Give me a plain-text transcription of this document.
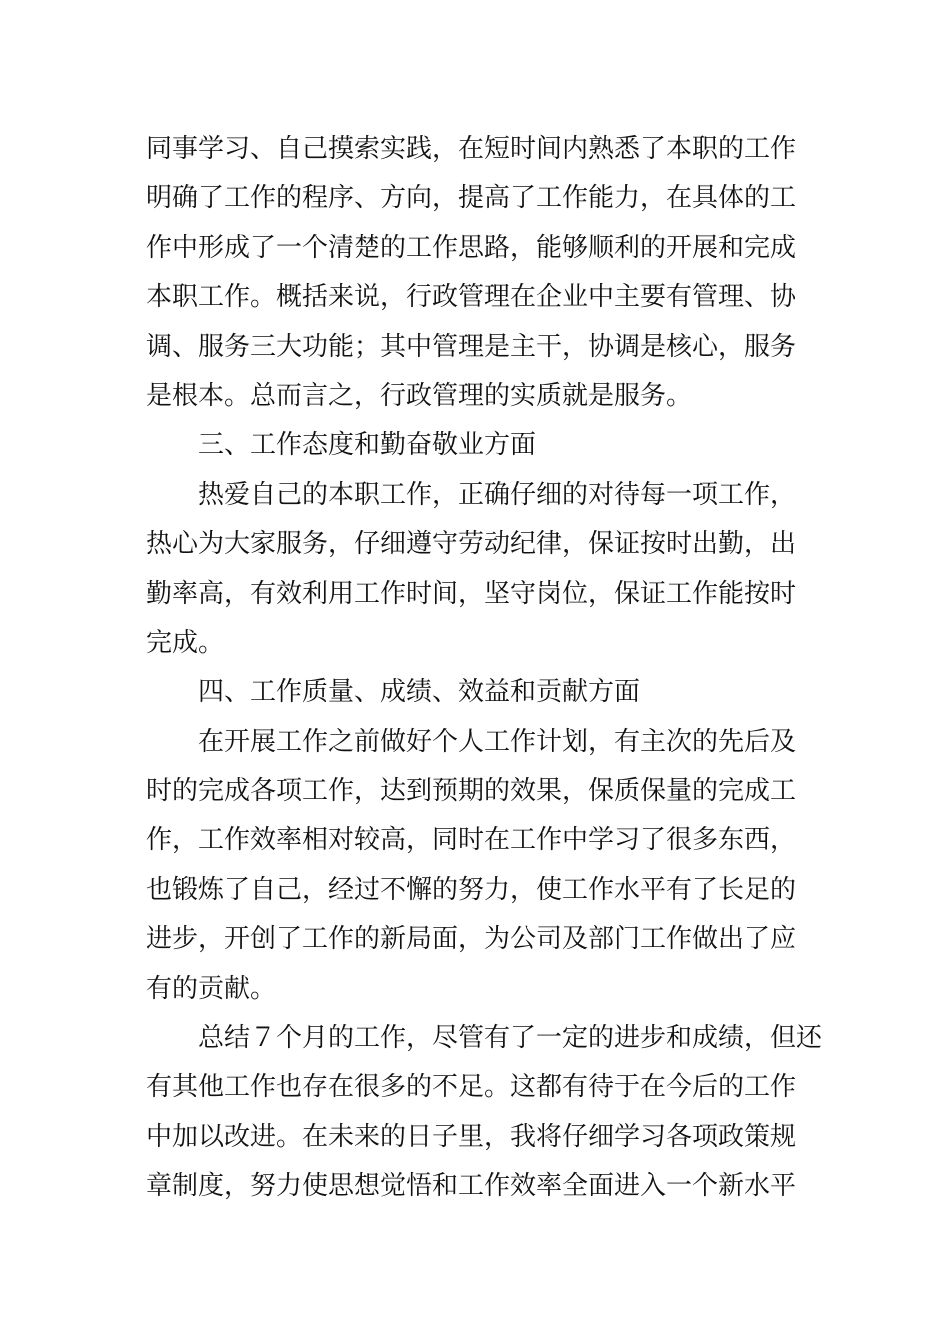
同事学习、自己摸索实践，在短时间内熟悉了本职的工作
明确了工作的程序、方向，提高了工作能力，在具体的工
作中形成了一个清楚的工作思路，能够顺利的开展和完成
本职工作。概括来说，行政管理在企业中主要有管理、协
调、服务三大功能；其中管理是主干，协调是核心，服务
是根本。总而言之，行政管理的实质就是服务。
三、工作态度和勤奋敬业方面
热爱自己的本职工作，正确仔细的对待每一项工作，
热心为大家服务，仔细遵守劳动纪律，保证按时出勤，出
勤率高，有效利用工作时间，坚守岗位，保证工作能按时
完成。
四、工作质量、成绩、效益和贡献方面
在开展工作之前做好个人工作计划，有主次的先后及
时的完成各项工作，达到预期的效果，保质保量的完成工
作，工作效率相对较高，同时在工作中学习了很多东西，
也锻炼了自己，经过不懈的努力，使工作水平有了长足的
进步，开创了工作的新局面，为公司及部门工作做出了应
有的贡献。
总结７个月的工作，尽管有了一定的进步和成绩，但还
有其他工作也存在很多的不足。这都有待于在今后的工作
中加以改进。在未来的日子里，我将仔细学习各项政策规
章制度，努力使思想觉悟和工作效率全面进入一个新水平
